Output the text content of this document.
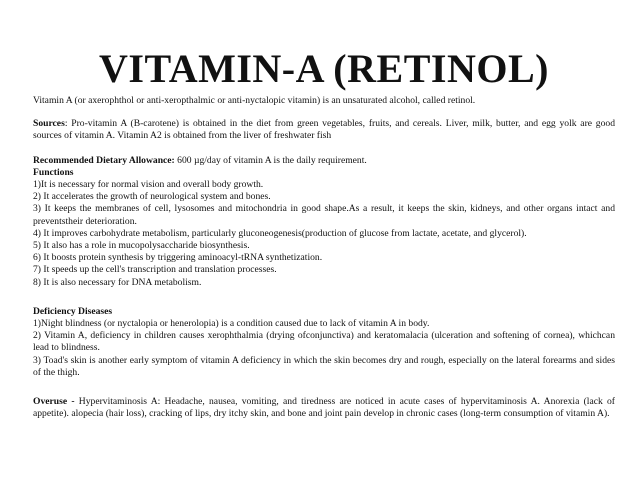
VITAMIN-A (RETINOL)

Vitamin A (or axerophthol or anti-xeropthalmic or anti-nyctalopic vitamin) is an unsaturated alcohol, called retinol.

Sources: Pro-vitamin A (B-carotene) is obtained in the diet from green vegetables, fruits, and cereals. Liver, milk, butter, and egg yolk are good sources of vitamin A. Vitamin A2 is obtained from the liver of freshwater fish

Recommended Dietary Allowance: 600 µg/day of vitamin A is the daily requirement.

Functions

1)It is necessary for normal vision and overall body growth.

2) It accelerates the growth of neurological system and bones.

3) It keeps the membranes of cell, lysosomes and mitochondria in good shape.As a result, it keeps the skin, kidneys, and other organs intact and preventstheir deterioration.

4) It improves carbohydrate metabolism, particularly gluconeogenesis(production of glucose from lactate, acetate, and glycerol).

5) It also has a role in mucopolysaccharide biosynthesis.

6) It boosts protein synthesis by triggering aminoacyl-tRNA synthetization.

7) It speeds up the cell's transcription and translation processes.

8) It is also necessary for DNA metabolism.

Deficiency Diseases

1)Night blindness (or nyctalopia or henerolopia) is a condition caused due to lack of vitamin A in body.

2) Vitamin A, deficiency in children causes xerophthalmia (drying ofconjunctiva) and keratomalacia (ulceration and softening of cornea), whichcan lead to blindness.

3) Toad's skin is another early symptom of vitamin A deficiency in which the skin becomes dry and rough, especially on the lateral forearms and sides of the thigh.

Overuse - Hypervitaminosis A: Headache, nausea, vomiting, and tiredness are noticed in acute cases of hypervitaminosis A. Anorexia (lack of appetite). alopecia (hair loss), cracking of lips, dry itchy skin, and bone and joint pain develop in chronic cases (long-term consumption of vitamin A).
